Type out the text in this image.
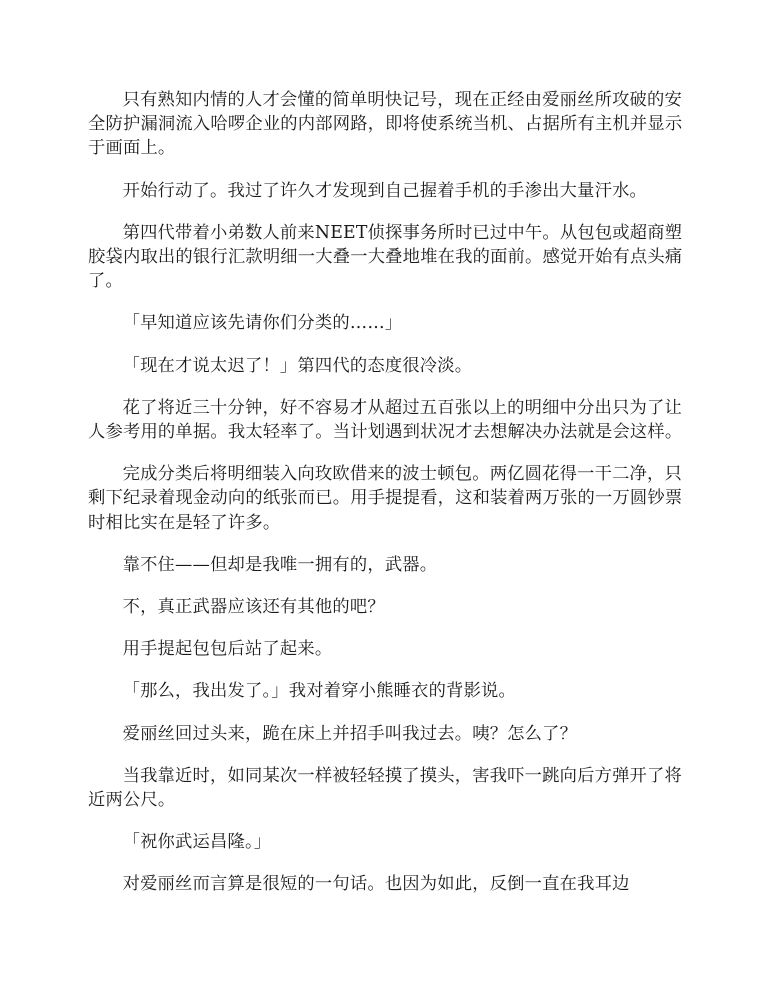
只有熟知内情的人才会懂的简单明快记号，现在正经由爱丽丝所攻破的安全防护漏洞流入哈啰企业的内部网路，即将使系统当机、占据所有主机并显示于画面上。

开始行动了。我过了许久才发现到自己握着手机的手渗出大量汗水。

第四代带着小弟数人前来NEET侦探事务所时已过中午。从包包或超商塑胶袋内取出的银行汇款明细一大叠一大叠地堆在我的面前。感觉开始有点头痛了。

「早知道应该先请你们分类的……」

「现在才说太迟了！」第四代的态度很冷淡。

花了将近三十分钟，好不容易才从超过五百张以上的明细中分出只为了让人参考用的单据。我太轻率了。当计划遇到状况才去想解决办法就是会这样。

完成分类后将明细装入向玫欧借来的波士顿包。两亿圆花得一干二净，只剩下纪录着现金动向的纸张而已。用手提提看，这和装着两万张的一万圆钞票时相比实在是轻了许多。

靠不住——但却是我唯一拥有的，武器。

不，真正武器应该还有其他的吧？

用手提起包包后站了起来。

「那么，我出发了。」我对着穿小熊睡衣的背影说。

爱丽丝回过头来，跪在床上并招手叫我过去。咦？怎么了？

当我靠近时，如同某次一样被轻轻摸了摸头，害我吓一跳向后方弹开了将近两公尺。

「祝你武运昌隆。」

对爱丽丝而言算是很短的一句话。也因为如此，反倒一直在我耳边
